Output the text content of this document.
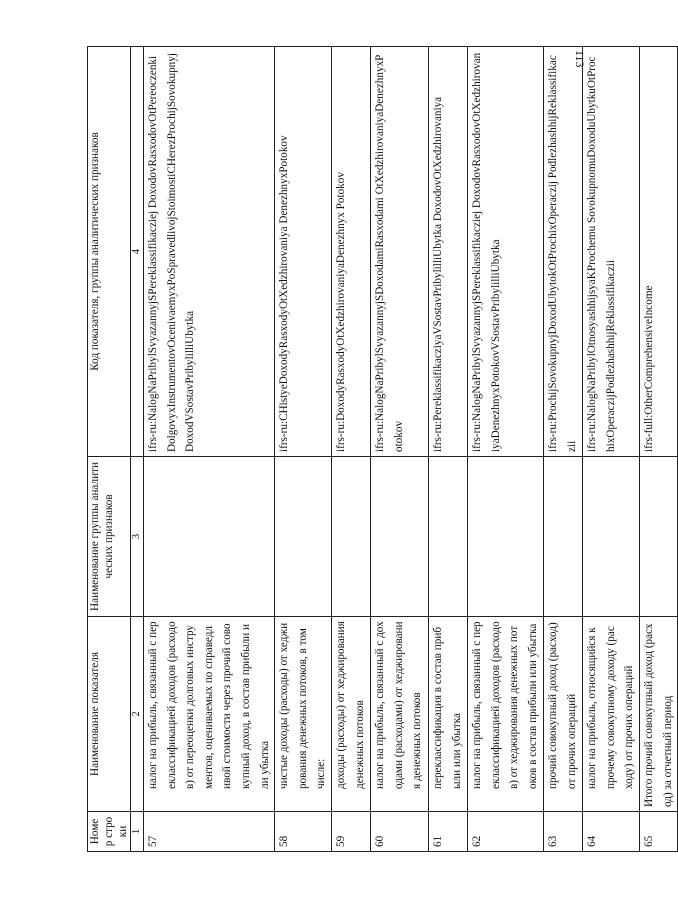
113
Номер строки	Наименование показателя	Наименование группы аналитических признаков	Код показателя, группы аналитических признаков
1	2	3	4
57	налог на прибыль, связанный с переклассификацией доходов (расходов) от переоценки долговых инструментов, оцениваемых по справедливой стоимости через прочий совокупный доход, в состав прибыли или убытка		ifrs-ru:NalogNaPribylSvyazannyjSPereklassifikacziej DoxodovRasxodovOtPereoczenkiDolgovyxInstrumentovOcenivaemyxPoSpravedlivojStoimostiCHerezProchijSovokupnyjDoxodVSostavPribylilliUbytka
58	чистые доходы (расходы) от хеджирования денежных потоков, в том числе:		ifrs-ru:CHistyeDoxodyRasxodyOtXedzhirovaniya DenezhnyxPotokov
59	доходы (расходы) от хеджирования денежных потоков		ifrs-ru:DoxodyRasxodyOtXedzhirovaniyaDenezhnyx Potokov
60	налог на прибыль, связанный с доходами (расходами) от хеджирования денежных потоков		ifrs-ru:NalogNaPribylSvyazannyjSDoxodamiRasxodami OtXedzhirovaniyaDenezhnyxPotokov
61	переклассификация в состав прибыли или убытка		ifrs-ru:PereklassifikacziyaVSostavPribylilliUbytka DoxodovOtXedzhirovaniya
62	налог на прибыль, связанный с переклассификацией доходов (расходов) от хеджирования денежных потоков в состав прибыли или убытка		ifrs-ru:NalogNaPribylSvyazannyjSPereklassifikacziej DoxodovRasxodovOtXedzhirovaniyaDenezhnyxPotokovVSostavPribylilliUbytka
63	прочий совокупный доход (расход) от прочих операций		ifrs-ru:ProchijSovokupnyjDoxodUbytokOtProchixOperaczij PodlezhashhijReklassifikaczii
64	налог на прибыль, относящийся к прочему совокупному доходу (расходу) от прочих операций		ifrs-ru:NalogNaPribylOtnosyashhijsyaKProchemu SovokupnomuDoxoduUbytkuOtProchixOperaczijPodlezhashhijReklassifikaczii
65	Итого прочий совокупный доход (расход) за отчетный период		ifrs-full:OtherComprehensiveIncome
